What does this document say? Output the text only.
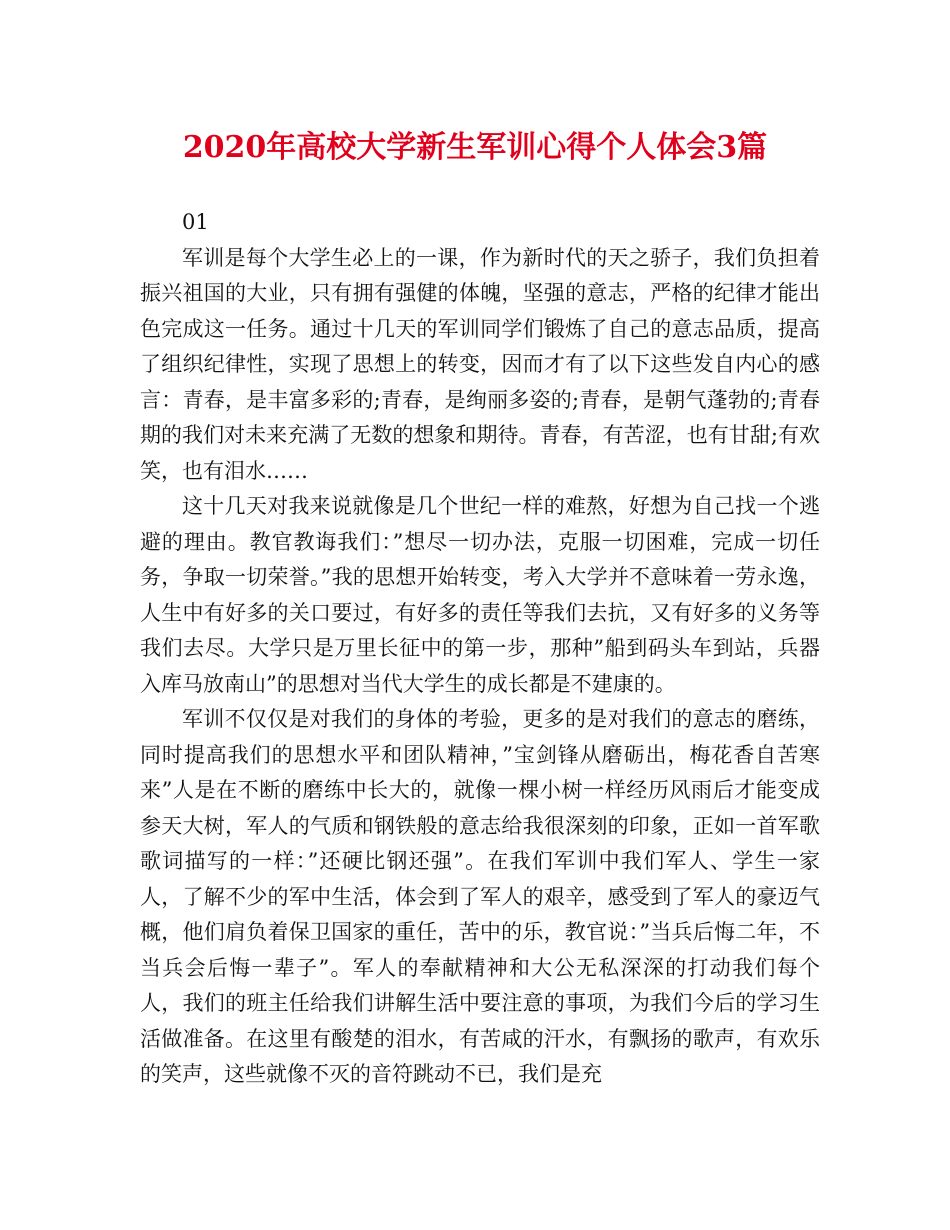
2020年高校大学新生军训心得个人体会3篇

01

军训是每个大学生必上的一课，作为新时代的天之骄子，我们负担着振兴祖国的大业，只有拥有强健的体魄，坚强的意志，严格的纪律才能出色完成这一任务。通过十几天的军训同学们锻炼了自己的意志品质，提高了组织纪律性，实现了思想上的转变，因而才有了以下这些发自内心的感言：青春，是丰富多彩的;青春，是绚丽多姿的;青春，是朝气蓬勃的;青春期的我们对未来充满了无数的想象和期待。青春，有苦涩，也有甘甜;有欢笑，也有泪水……

这十几天对我来说就像是几个世纪一样的难熬，好想为自己找一个逃避的理由。教官教诲我们：”想尽一切办法，克服一切困难，完成一切任务，争取一切荣誉。”我的思想开始转变，考入大学并不意味着一劳永逸，人生中有好多的关口要过，有好多的责任等我们去抗，又有好多的义务等我们去尽。大学只是万里长征中的第一步，那种”船到码头车到站，兵器入库马放南山”的思想对当代大学生的成长都是不建康的。

军训不仅仅是对我们的身体的考验，更多的是对我们的意志的磨练，同时提高我们的思想水平和团队精神，”宝剑锋从磨砺出，梅花香自苦寒来”人是在不断的磨练中长大的，就像一棵小树一样经历风雨后才能变成参天大树，军人的气质和钢铁般的意志给我很深刻的印象，正如一首军歌歌词描写的一样：”还硬比钢还强”。在我们军训中我们军人、学生一家人，了解不少的军中生活，体会到了军人的艰辛，感受到了军人的豪迈气概，他们肩负着保卫国家的重任，苦中的乐，教官说：”当兵后悔二年，不当兵会后悔一辈子”。军人的奉献精神和大公无私深深的打动我们每个人，我们的班主任给我们讲解生活中要注意的事项，为我们今后的学习生活做准备。在这里有酸楚的泪水，有苦咸的汗水，有飘扬的歌声，有欢乐的笑声，这些就像不灭的音符跳动不已，我们是充
